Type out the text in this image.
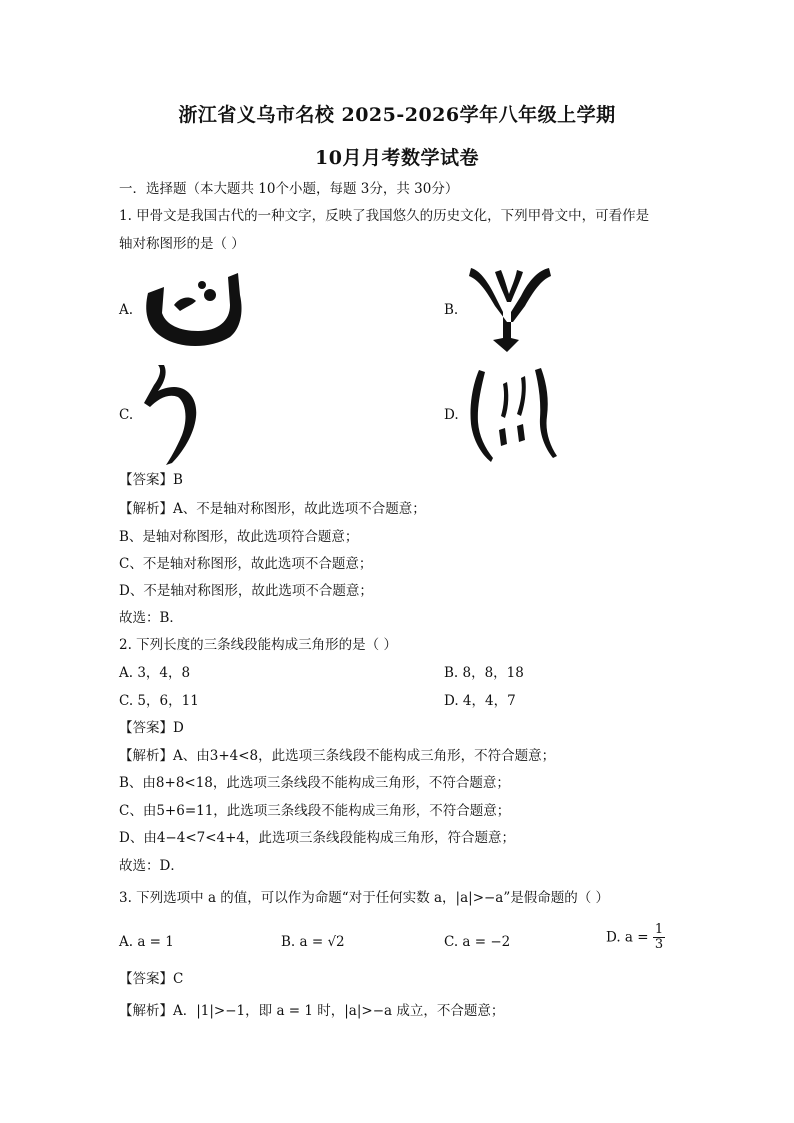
浙江省义乌市名校 2025-2026学年八年级上学期
10月月考数学试卷
一．选择题（本大题共 10个小题，每题 3分，共 30分）
1. 甲骨文是我国古代的一种文字，反映了我国悠久的历史文化，下列甲骨文中，可看作是
轴对称图形的是（ ）
A.	B.
C.	D.
【答案】B
【解析】A、不是轴对称图形，故此选项不合题意；
B、是轴对称图形，故此选项符合题意；
C、不是轴对称图形，故此选项不合题意；
D、不是轴对称图形，故此选项不合题意；
故选：B．
2. 下列长度的三条线段能构成三角形的是（ ）
A. 3，4，8	B. 8，8，18
C. 5，6，11	D. 4，4，7
【答案】D
【解析】A、由3+4<8，此选项三条线段不能构成三角形，不符合题意；
B、由8+8<18，此选项三条线段不能构成三角形，不符合题意；
C、由5+6=11，此选项三条线段不能构成三角形，不符合题意；
D、由4−4<7<4+4，此选项三条线段能构成三角形，符合题意；
故选：D．
3. 下列选项中 a 的值，可以作为命题“对于任何实数 a，|a|>−a”是假命题的（ ）
A. a = 1	B. a = √2	C. a = −2	D. $a = \frac{1}{3}$
【答案】C
【解析】A．|1|>−1，即 a = 1 时，|a|>−a 成立，不合题意；
